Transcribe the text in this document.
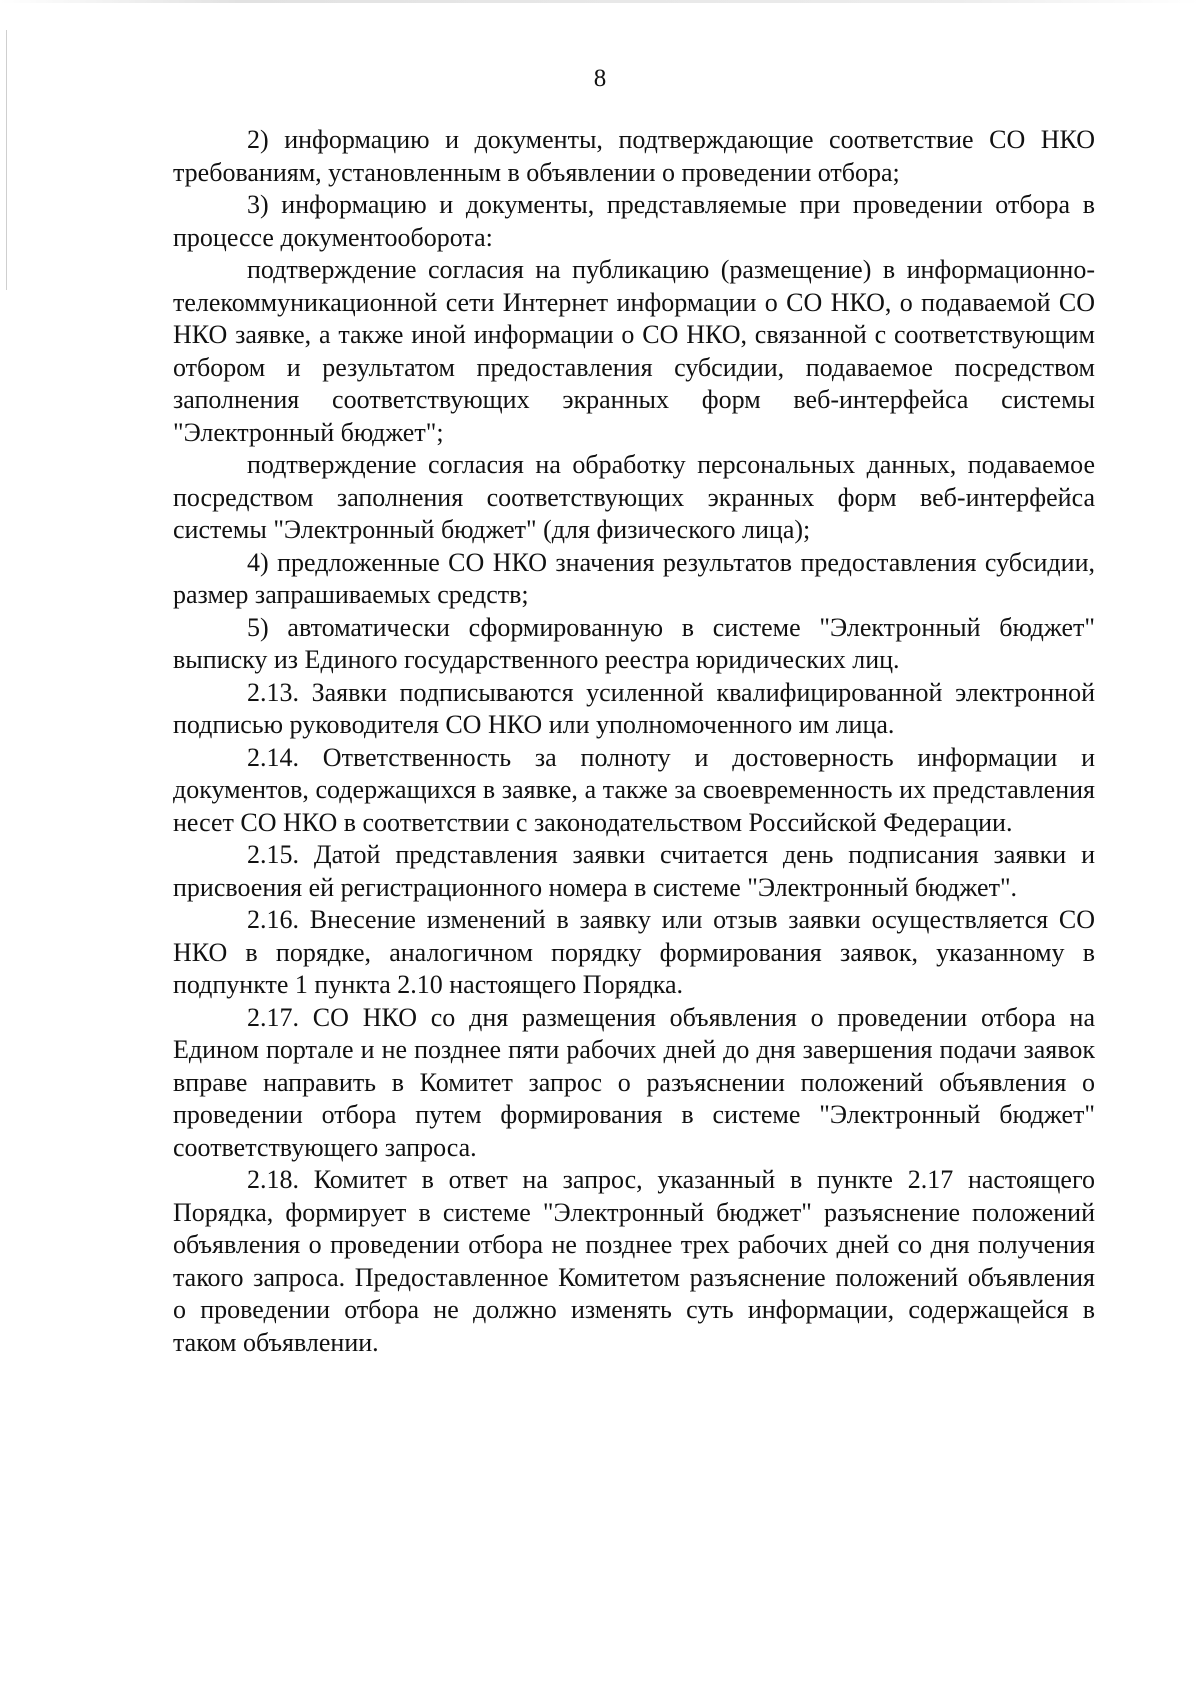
8

2) информацию и документы, подтверждающие соответствие СО НКО требованиям, установленным в объявлении о проведении отбора;

3) информацию и документы, представляемые при проведении отбора в процессе документооборота:

подтверждение согласия на публикацию (размещение) в информационно-телекоммуникационной сети Интернет информации о СО НКО, о подаваемой СО НКО заявке, а также иной информации о СО НКО, связанной с соответствующим отбором и результатом предоставления субсидии, подаваемое посредством заполнения соответствующих экранных форм веб-интерфейса системы "Электронный бюджет";

подтверждение согласия на обработку персональных данных, подаваемое посредством заполнения соответствующих экранных форм веб-интерфейса системы "Электронный бюджет" (для физического лица);

4) предложенные СО НКО значения результатов предоставления субсидии, размер запрашиваемых средств;

5) автоматически сформированную в системе "Электронный бюджет" выписку из Единого государственного реестра юридических лиц.

2.13. Заявки подписываются усиленной квалифицированной электронной подписью руководителя СО НКО или уполномоченного им лица.

2.14. Ответственность за полноту и достоверность информации и документов, содержащихся в заявке, а также за своевременность их представления несет СО НКО в соответствии с законодательством Российской Федерации.

2.15. Датой представления заявки считается день подписания заявки и присвоения ей регистрационного номера в системе "Электронный бюджет".

2.16. Внесение изменений в заявку или отзыв заявки осуществляется СО НКО в порядке, аналогичном порядку формирования заявок, указанному в подпункте 1 пункта 2.10 настоящего Порядка.

2.17. СО НКО со дня размещения объявления о проведении отбора на Едином портале и не позднее пяти рабочих дней до дня завершения подачи заявок вправе направить в Комитет запрос о разъяснении положений объявления о проведении отбора путем формирования в системе "Электронный бюджет" соответствующего запроса.

2.18. Комитет в ответ на запрос, указанный в пункте 2.17 настоящего Порядка, формирует в системе "Электронный бюджет" разъяснение положений объявления о проведении отбора не позднее трех рабочих дней со дня получения такого запроса. Предоставленное Комитетом разъяснение положений объявления о проведении отбора не должно изменять суть информации, содержащейся в таком объявлении.
